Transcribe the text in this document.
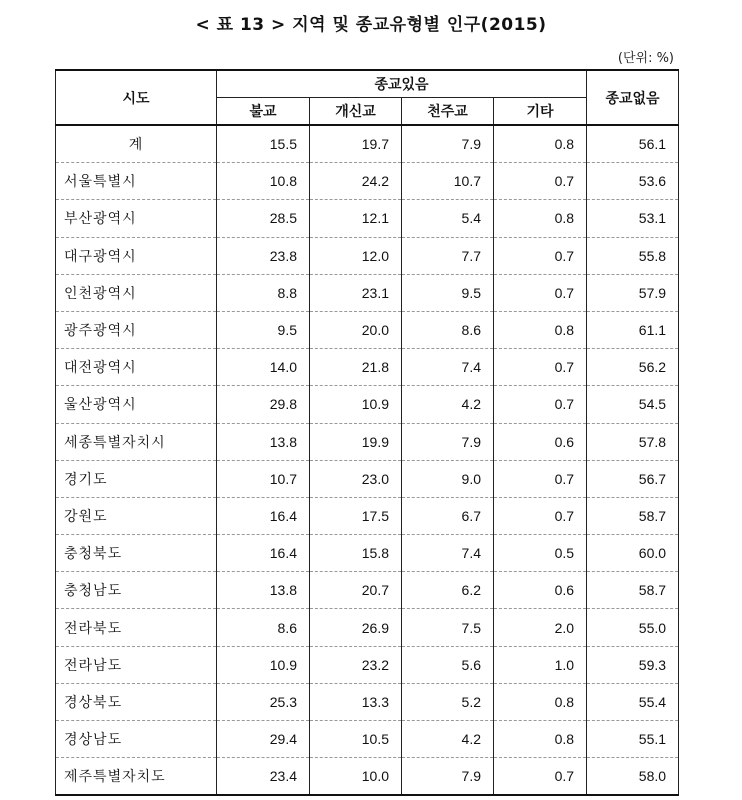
< 표 13 > 지역 및 종교유형별 인구(2015)
(단위: %)
시도	종교있음				종교없음
	불교	개신교	천주교	기타	
계	15.5	19.7	7.9	0.8	56.1
서울특별시	10.8	24.2	10.7	0.7	53.6
부산광역시	28.5	12.1	5.4	0.8	53.1
대구광역시	23.8	12.0	7.7	0.7	55.8
인천광역시	8.8	23.1	9.5	0.7	57.9
광주광역시	9.5	20.0	8.6	0.8	61.1
대전광역시	14.0	21.8	7.4	0.7	56.2
울산광역시	29.8	10.9	4.2	0.7	54.5
세종특별자치시	13.8	19.9	7.9	0.6	57.8
경기도	10.7	23.0	9.0	0.7	56.7
강원도	16.4	17.5	6.7	0.7	58.7
충청북도	16.4	15.8	7.4	0.5	60.0
충청남도	13.8	20.7	6.2	0.6	58.7
전라북도	8.6	26.9	7.5	2.0	55.0
전라남도	10.9	23.2	5.6	1.0	59.3
경상북도	25.3	13.3	5.2	0.8	55.4
경상남도	29.4	10.5	4.2	0.8	55.1
제주특별자치도	23.4	10.0	7.9	0.7	58.0
